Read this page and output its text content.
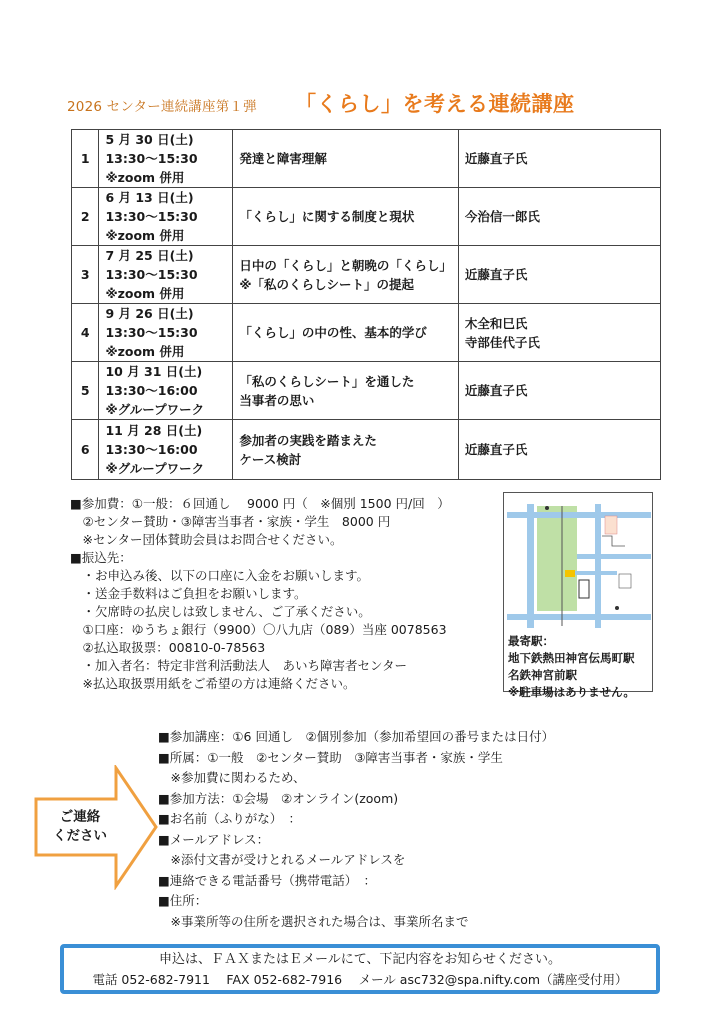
2026 センター連続講座第１弾 「くらし」を考える連続講座
1	5 月 30 日(土)
13:30～15:30
※zoom 併用	発達と障害理解	近藤直子氏

2	6 月 13 日(土)
13:30～15:30
※zoom 併用	「くらし」に関する制度と現状	今治信一郎氏

3	7 月 25 日(土)
13:30～15:30
※zoom 併用	日中の「くらし」と朝晩の「くらし」
※「私のくらしシート」の提起	近藤直子氏

4	9 月 26 日(土)
13:30～15:30
※zoom 併用	「くらし」の中の性、基本的学び	木全和巳氏
寺部佳代子氏

5	10 月 31 日(土)
13:30～16:00
※グループワーク	「私のくらしシート」を通した
当事者の思い	近藤直子氏

6	11 月 28 日(土)
13:30～16:00
※グループワーク	参加者の実践を踏まえた
ケース検討	近藤直子氏
■参加費：①一般：６回通し　 9000 円（　※個別 1500 円/回　）
　②センター賛助・③障害当事者・家族・学生　8000 円
　※センター団体賛助会員はお問合せください。
■振込先：
　・お申込み後、以下の口座に入金をお願いします。
　・送金手数料はご負担をお願いします。
　・欠席時の払戻しは致しません、ご了承ください。
　①口座：ゆうちょ銀行（9900）〇八九店（089）当座 0078563
　②払込取扱票：00810-0-78563
　・加入者名：特定非営利活動法人　あいち障害者センター
　※払込取扱票用紙をご希望の方は連絡ください。
最寄駅：
地下鉄熱田神宮伝馬町駅
名鉄神宮前駅
※駐車場はありません。
ご連絡
ください
■参加講座：①6 回通し　②個別参加（参加希望回の番号または日付）
■所属：①一般　②センター賛助　③障害当事者・家族・学生
　※参加費に関わるため、
■参加方法：①会場　②オンライン(zoom)
■お名前（ふりがな）　：
■メールアドレス：
　※添付文書が受けとれるメールアドレスを
■連絡できる電話番号（携帯電話）　：
■住所：
　※事業所等の住所を選択された場合は、事業所名まで
申込は、ＦＡＸまたはＥメールにて、下記内容をお知らせください。
電話 052-682-7911　 FAX 052-682-7916　 メール asc732@spa.nifty.com（講座受付用）
